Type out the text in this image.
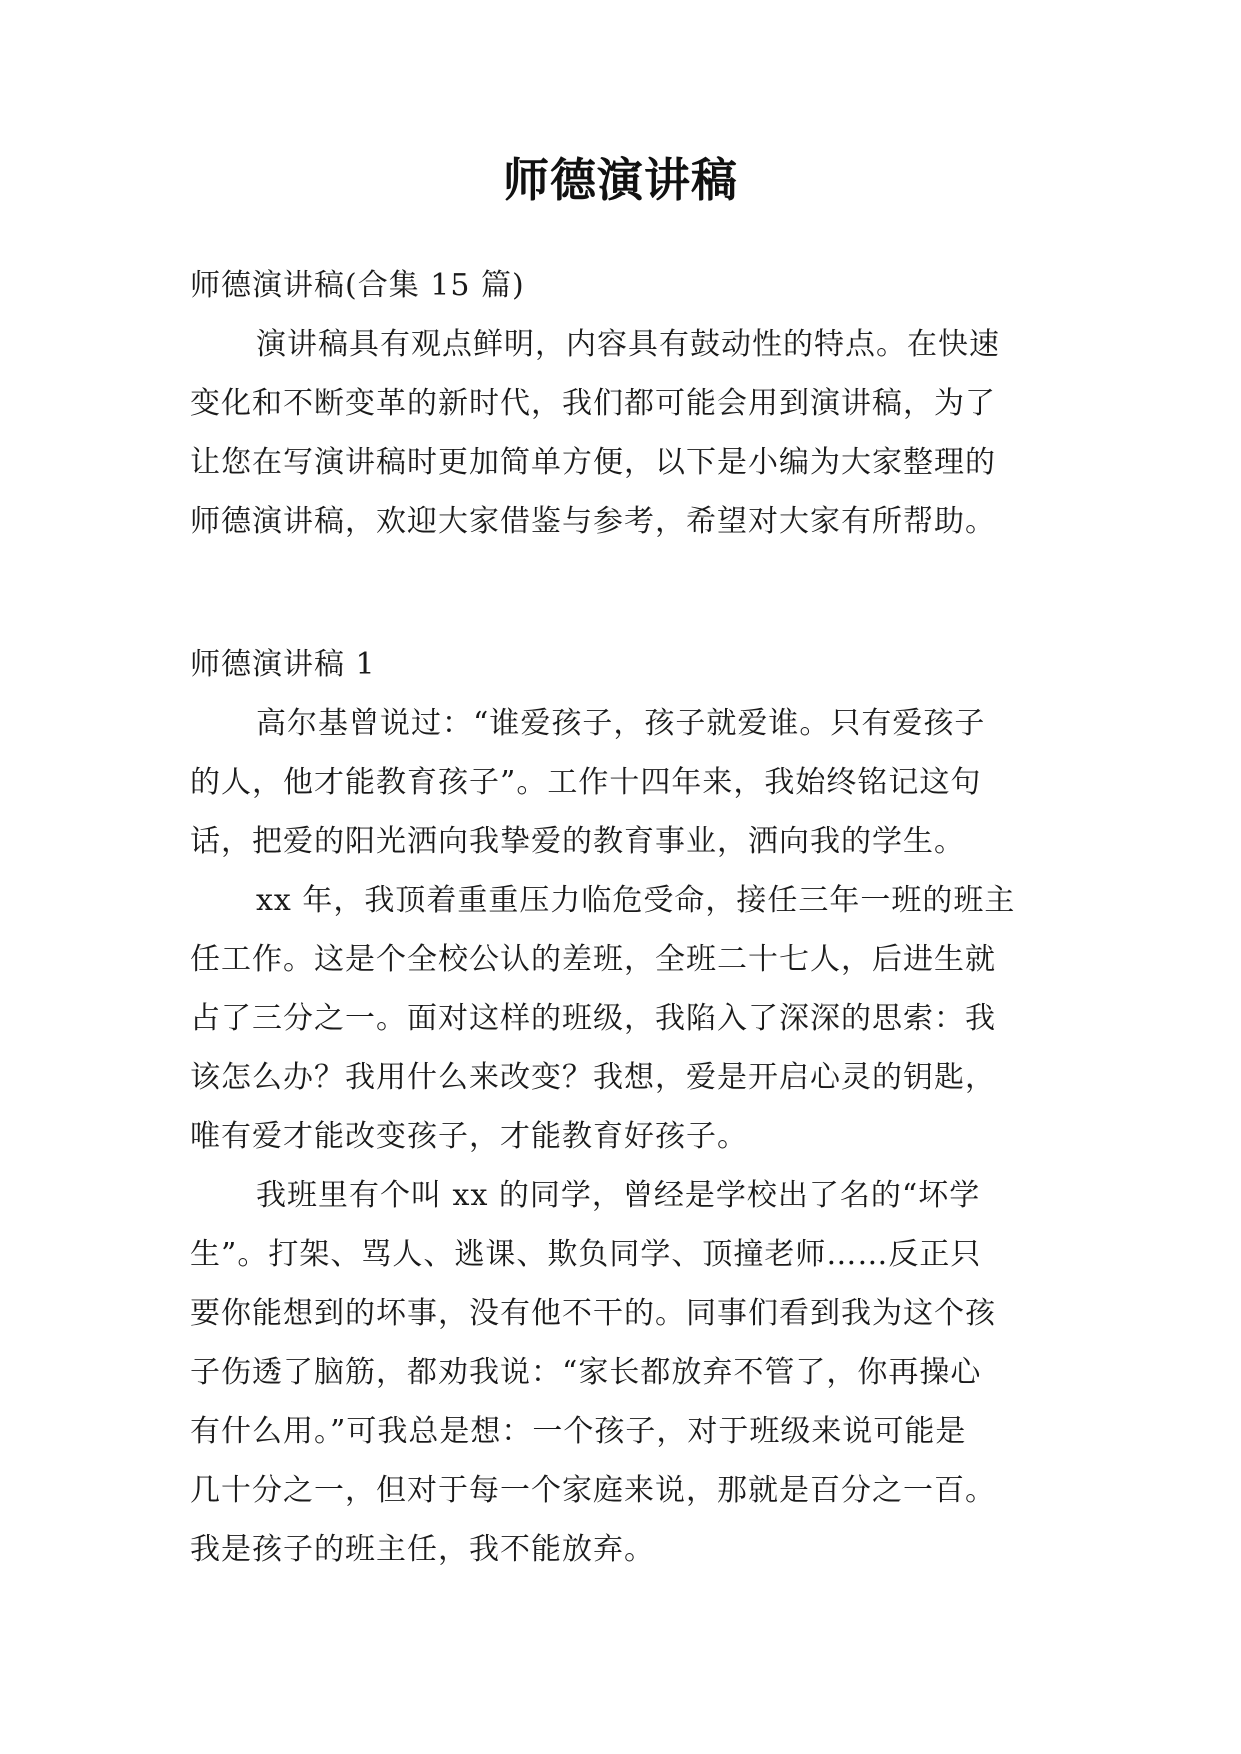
师德演讲稿
师德演讲稿(合集 15 篇)
演讲稿具有观点鲜明，内容具有鼓动性的特点。在快速
变化和不断变革的新时代，我们都可能会用到演讲稿，为了
让您在写演讲稿时更加简单方便，以下是小编为大家整理的
师德演讲稿，欢迎大家借鉴与参考，希望对大家有所帮助。
师德演讲稿 1
高尔基曾说过：“谁爱孩子，孩子就爱谁。只有爱孩子
的人，他才能教育孩子”。工作十四年来，我始终铭记这句
话，把爱的阳光洒向我挚爱的教育事业，洒向我的学生。
xx 年，我顶着重重压力临危受命，接任三年一班的班主
任工作。这是个全校公认的差班，全班二十七人，后进生就
占了三分之一。面对这样的班级，我陷入了深深的思索：我
该怎么办？我用什么来改变？我想，爱是开启心灵的钥匙，
唯有爱才能改变孩子，才能教育好孩子。
我班里有个叫 xx 的同学，曾经是学校出了名的“坏学
生”。打架、骂人、逃课、欺负同学、顶撞老师……反正只
要你能想到的坏事，没有他不干的。同事们看到我为这个孩
子伤透了脑筋，都劝我说：“家长都放弃不管了，你再操心
有什么用。”可我总是想：一个孩子，对于班级来说可能是
几十分之一，但对于每一个家庭来说，那就是百分之一百。
我是孩子的班主任，我不能放弃。
